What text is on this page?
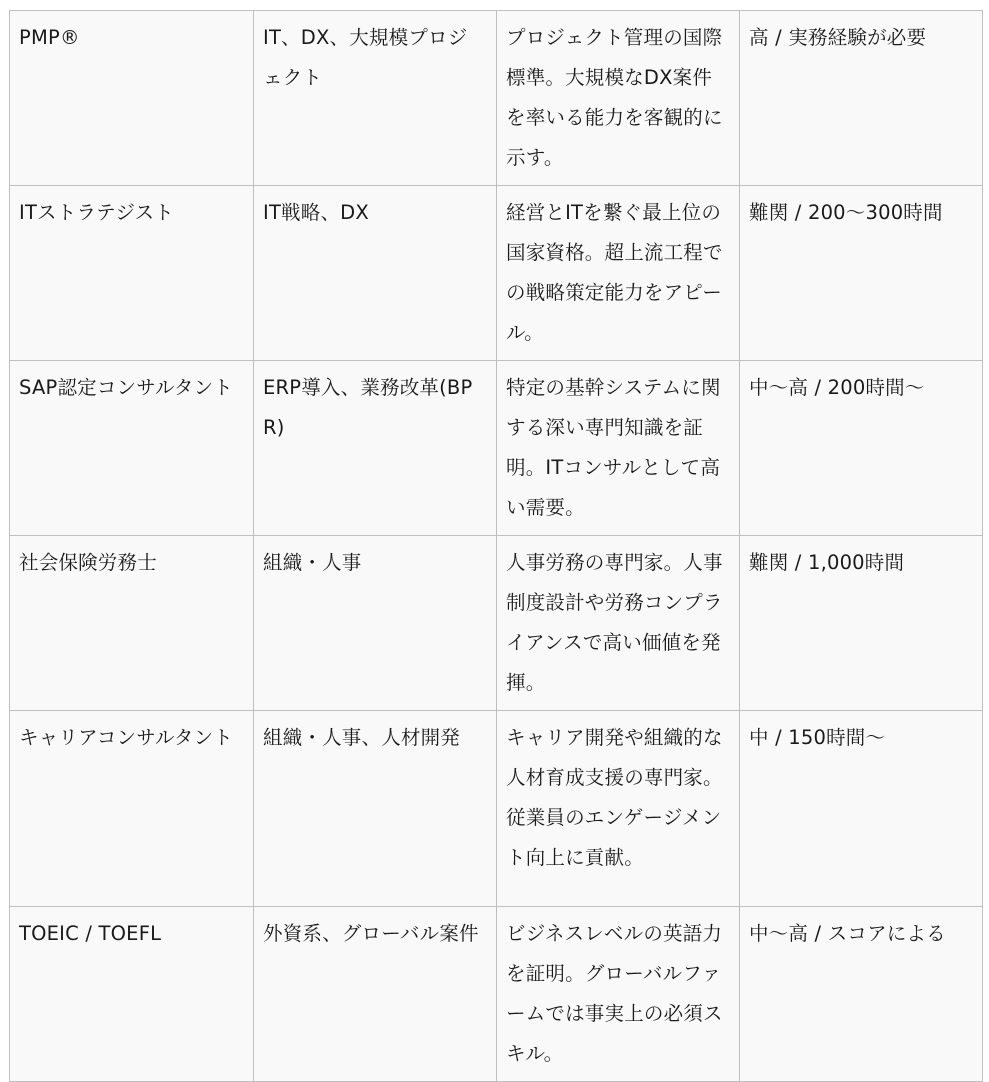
PMP®	IT、DX、大規模プロジェクト	プロジェクト管理の国際標準。大規模なDX案件を率いる能力を客観的に示す。	高 / 実務経験が必要
ITストラテジスト	IT戦略、DX	経営とITを繋ぐ最上位の国家資格。超上流工程での戦略策定能力をアピール。	難関 / 200〜300時間
SAP認定コンサルタント	ERP導入、業務改革(BPR)	特定の基幹システムに関する深い専門知識を証明。ITコンサルとして高い需要。	中〜高 / 200時間〜
社会保険労務士	組織・人事	人事労務の専門家。人事制度設計や労務コンプライアンスで高い価値を発揮。	難関 / 1,000時間
キャリアコンサルタント	組織・人事、人材開発	キャリア開発や組織的な人材育成支援の専門家。従業員のエンゲージメント向上に貢献。	中 / 150時間〜
TOEIC / TOEFL	外資系、グローバル案件	ビジネスレベルの英語力を証明。グローバルファームでは事実上の必須スキル。	中〜高 / スコアによる
